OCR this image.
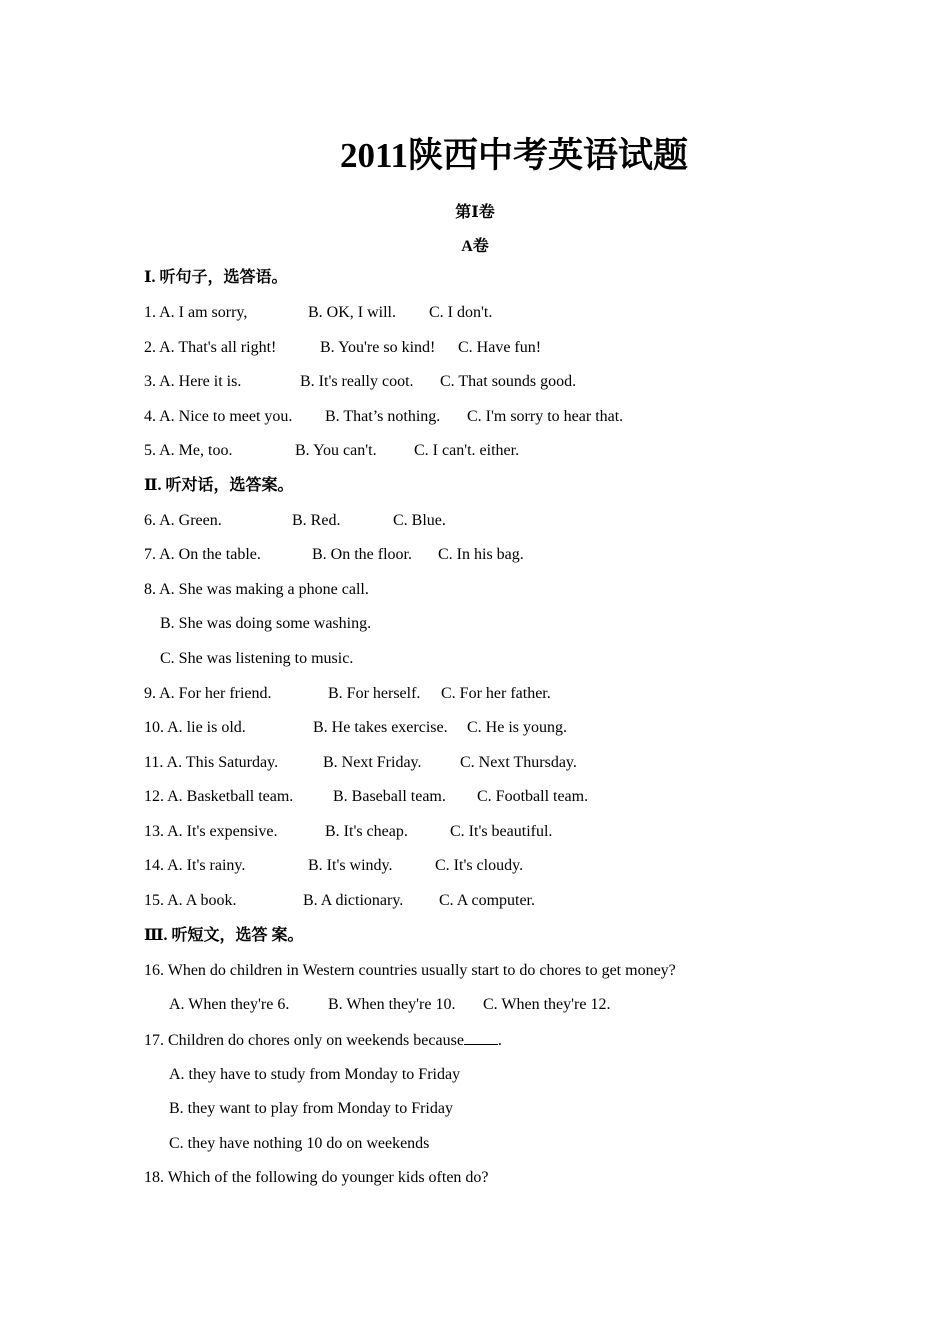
2011陕西中考英语试题
第Ⅰ卷
A卷
Ⅰ. 听句子，选答语。
1. A. I am sorry,	B. OK, I will. C. I don't.
2. A. That's all right!	B. You're so kind! C. Have fun!
3. A. Here it is.	B. It's really coot. C. That sounds good.
4. A. Nice to meet you. B. That’s nothing. C. I'm sorry to hear that.
5. A. Me, too.	B. You can't. C. I can't. either.
Ⅱ. 听对话，选答案。
6. A. Green.	B. Red.	C. Blue.
7. A. On the table.	B. On the floor. C. In his bag.
8. A. She was making a phone call.
B. She was doing some washing.
C. She was listening to music.
9. A. For her friend.	B. For herself. C. For her father.
10. A. lie is old.	B. He takes exercise. C. He is young.
11. A. This Saturday.	B. Next Friday. C. Next Thursday.
12. A. Basketball team. B. Baseball team. C. Football team.
13. A. It's expensive.	B. It's cheap.	C. It's beautiful.
14. A. It's rainy.	B. It's windy.	C. It's cloudy.
15. A. A book.	B. A dictionary. C. A computer.
Ⅲ. 听短文，选答 案。
16. When do children in Western countries usually start to do chores to get money?
A. When they're 6. B. When they're 10. C. When they're 12.
17. Children do chores only on weekends because .
A. they have to study from Monday to Friday
B. they want to play from Monday to Friday
C. they have nothing 10 do on weekends
18. Which of the following do younger kids often do?
